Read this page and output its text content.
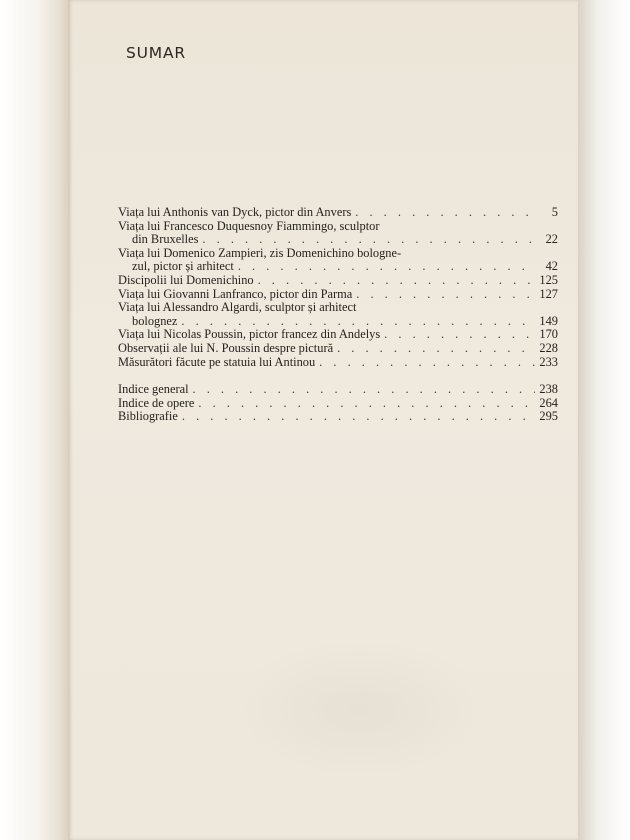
SUMAR
Viața lui Anthonis van Dyck, pictor din Anvers . . .	5
Viața lui Francesco Duquesnoy Fiammingo, sculptor
din Bruxelles . . .	22
Viața lui Domenico Zampieri, zis Domenichino bologne-
zul, pictor și arhitect . . .	42
Discipolii lui Domenichino . . .	125
Viața lui Giovanni Lanfranco, pictor din Parma . . .	127
Viața lui Alessandro Algardi, sculptor și arhitect
bolognez . . .	149
Viața lui Nicolas Poussin, pictor francez din Andelys . . .	170
Observații ale lui N. Poussin despre pictură . . .	228
Măsurători făcute pe statuia lui Antinou . . .	233
Indice general . . .	238
Indice de opere . . .	264
Bibliografie . . .	295
